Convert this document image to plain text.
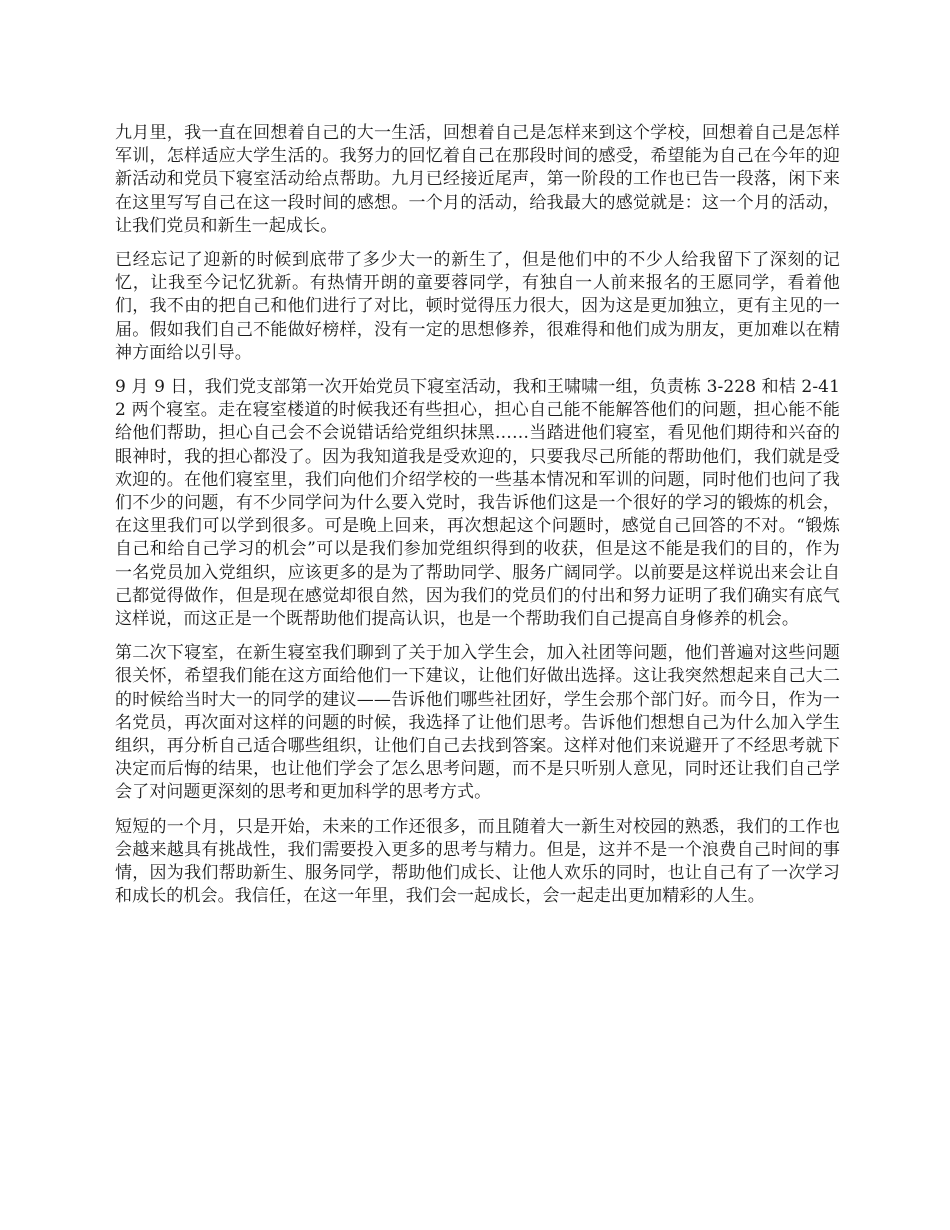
九月里，我一直在回想着自己的大一生活，回想着自己是怎样来到这个学校，回想着自己是怎样军训，怎样适应大学生活的。我努力的回忆着自己在那段时间的感受，希望能为自己在今年的迎新活动和党员下寝室活动给点帮助。九月已经接近尾声，第一阶段的工作也已告一段落，闲下来在这里写写自己在这一段时间的感想。一个月的活动，给我最大的感觉就是：这一个月的活动，让我们党员和新生一起成长。

已经忘记了迎新的时候到底带了多少大一的新生了，但是他们中的不少人给我留下了深刻的记忆，让我至今记忆犹新。有热情开朗的童要蓉同学，有独自一人前来报名的王愿同学，看着他们，我不由的把自己和他们进行了对比，顿时觉得压力很大，因为这是更加独立，更有主见的一届。假如我们自己不能做好榜样，没有一定的思想修养，很难得和他们成为朋友，更加难以在精神方面给以引导。

9 月 9 日，我们党支部第一次开始党员下寝室活动，我和王啸啸一组，负责栋 3-228 和桔 2-412 两个寝室。走在寝室楼道的时候我还有些担心，担心自己能不能解答他们的问题，担心能不能给他们帮助，担心自己会不会说错话给党组织抹黑……当踏进他们寝室，看见他们期待和兴奋的眼神时，我的担心都没了。因为我知道我是受欢迎的，只要我尽己所能的帮助他们，我们就是受欢迎的。在他们寝室里，我们向他们介绍学校的一些基本情况和军训的问题，同时他们也问了我们不少的问题，有不少同学问为什么要入党时，我告诉他们这是一个很好的学习的锻炼的机会，在这里我们可以学到很多。可是晚上回来，再次想起这个问题时，感觉自己回答的不对。“锻炼自己和给自己学习的机会”可以是我们参加党组织得到的收获，但是这不能是我们的目的，作为一名党员加入党组织，应该更多的是为了帮助同学、服务广阔同学。以前要是这样说出来会让自己都觉得做作，但是现在感觉却很自然，因为我们的党员们的付出和努力证明了我们确实有底气这样说，而这正是一个既帮助他们提高认识，也是一个帮助我们自己提高自身修养的机会。

第二次下寝室，在新生寝室我们聊到了关于加入学生会，加入社团等问题，他们普遍对这些问题很关怀，希望我们能在这方面给他们一下建议，让他们好做出选择。这让我突然想起来自己大二的时候给当时大一的同学的建议——告诉他们哪些社团好，学生会那个部门好。而今日，作为一名党员，再次面对这样的问题的时候，我选择了让他们思考。告诉他们想想自己为什么加入学生组织，再分析自己适合哪些组织，让他们自己去找到答案。这样对他们来说避开了不经思考就下决定而后悔的结果，也让他们学会了怎么思考问题，而不是只听别人意见，同时还让我们自己学会了对问题更深刻的思考和更加科学的思考方式。

短短的一个月，只是开始，未来的工作还很多，而且随着大一新生对校园的熟悉，我们的工作也会越来越具有挑战性，我们需要投入更多的思考与精力。但是，这并不是一个浪费自己时间的事情，因为我们帮助新生、服务同学，帮助他们成长、让他人欢乐的同时，也让自己有了一次学习和成长的机会。我信任，在这一年里，我们会一起成长，会一起走出更加精彩的人生。
